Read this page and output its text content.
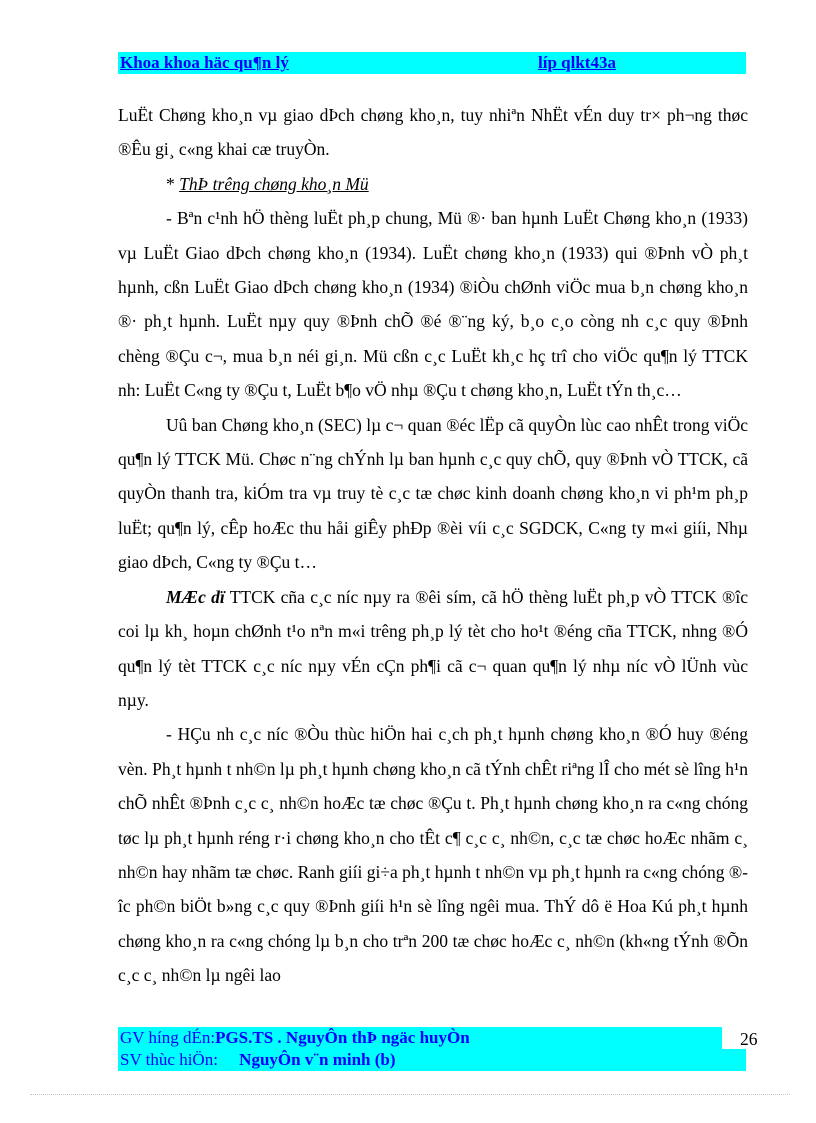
Khoa khoa häc qu¶n lý	líp qlkt43a

LuËt Chøng kho¸n vµ giao dÞch chøng kho¸n, tuy nhiªn NhËt vÉn duy tr× ph¬ng thøc ®Êu gi¸ c«ng khai cæ truyÒn.

* ThÞ trêng chøng kho¸n Mü

- Bªn c¹nh hÖ thèng luËt ph¸p chung, Mü ®· ban hµnh LuËt Chøng kho¸n (1933) vµ LuËt Giao dÞch chøng kho¸n (1934). LuËt chøng kho¸n (1933) qui ®Þnh vÒ ph¸t hµnh, cßn LuËt Giao dÞch chøng kho¸n (1934) ®iÒu chØnh viÖc mua b¸n chøng kho¸n ®· ph¸t hµnh. LuËt nµy quy ®Þnh chÕ ®é ®¨ng ký, b¸o c¸o còng nh c¸c quy ®Þnh chèng ®Çu c¬, mua b¸n néi gi¸n. Mü cßn c¸c LuËt kh¸c hç trî cho viÖc qu¶n lý TTCK nh: LuËt C«ng ty ®Çu t, LuËt b¶o vÖ nhµ ®Çu t chøng kho¸n, LuËt tÝn th¸c…

Uû ban Chøng kho¸n (SEC) lµ c¬ quan ®éc lËp cã quyÒn lùc cao nhÊt trong viÖc qu¶n lý TTCK Mü. Chøc n¨ng chÝnh lµ ban hµnh c¸c quy chÕ, quy ®Þnh vÒ TTCK, cã quyÒn thanh tra, kiÓm tra vµ truy tè c¸c tæ chøc kinh doanh chøng kho¸n vi ph¹m ph¸p luËt; qu¶n lý, cÊp hoÆc thu håi giÊy phÐp ®èi víi c¸c SGDCK, C«ng ty m«i giíi, Nhµ giao dÞch, C«ng ty ®Çu t…

MÆc dï TTCK cña c¸c níc nµy ra ®êi sím, cã hÖ thèng luËt ph¸p vÒ TTCK ®îc coi lµ kh¸ hoµn chØnh t¹o nªn m«i trêng ph¸p lý tèt cho ho¹t ®éng cña TTCK, nhng ®Ó qu¶n lý tèt TTCK c¸c níc nµy vÉn cÇn ph¶i cã c¬ quan qu¶n lý nhµ níc vÒ lÜnh vùc nµy.

- HÇu nh c¸c níc ®Òu thùc hiÖn hai c¸ch ph¸t hµnh chøng kho¸n ®Ó huy ®éng vèn. Ph¸t hµnh t nh©n lµ ph¸t hµnh chøng kho¸n cã tÝnh chÊt riªng lÎ cho mét sè lîng h¹n chÕ nhÊt ®Þnh c¸c c¸ nh©n hoÆc tæ chøc ®Çu t. Ph¸t hµnh chøng kho¸n ra c«ng chóng tøc lµ ph¸t hµnh réng r·i chøng kho¸n cho tÊt c¶ c¸c c¸ nh©n, c¸c tæ chøc hoÆc nhãm c¸ nh©n hay nhãm tæ chøc. Ranh giíi gi÷a ph¸t hµnh t nh©n vµ ph¸t hµnh ra c«ng chóng ®îc ph©n biÖt b»ng c¸c quy ®Þnh giíi h¹n sè lîng ngêi mua. ThÝ dô ë Hoa Kú ph¸t hµnh chøng kho¸n ra c«ng chóng lµ b¸n cho trªn 200 tæ chøc hoÆc c¸ nh©n (kh«ng tÝnh ®Õn c¸c c¸ nh©n lµ ngêi lao

GV híng dÉn:PGS.TS . NguyÔn thÞ ngäc huyÒn
SV thùc hiÖn:     NguyÔn v¨n minh (b)
26
